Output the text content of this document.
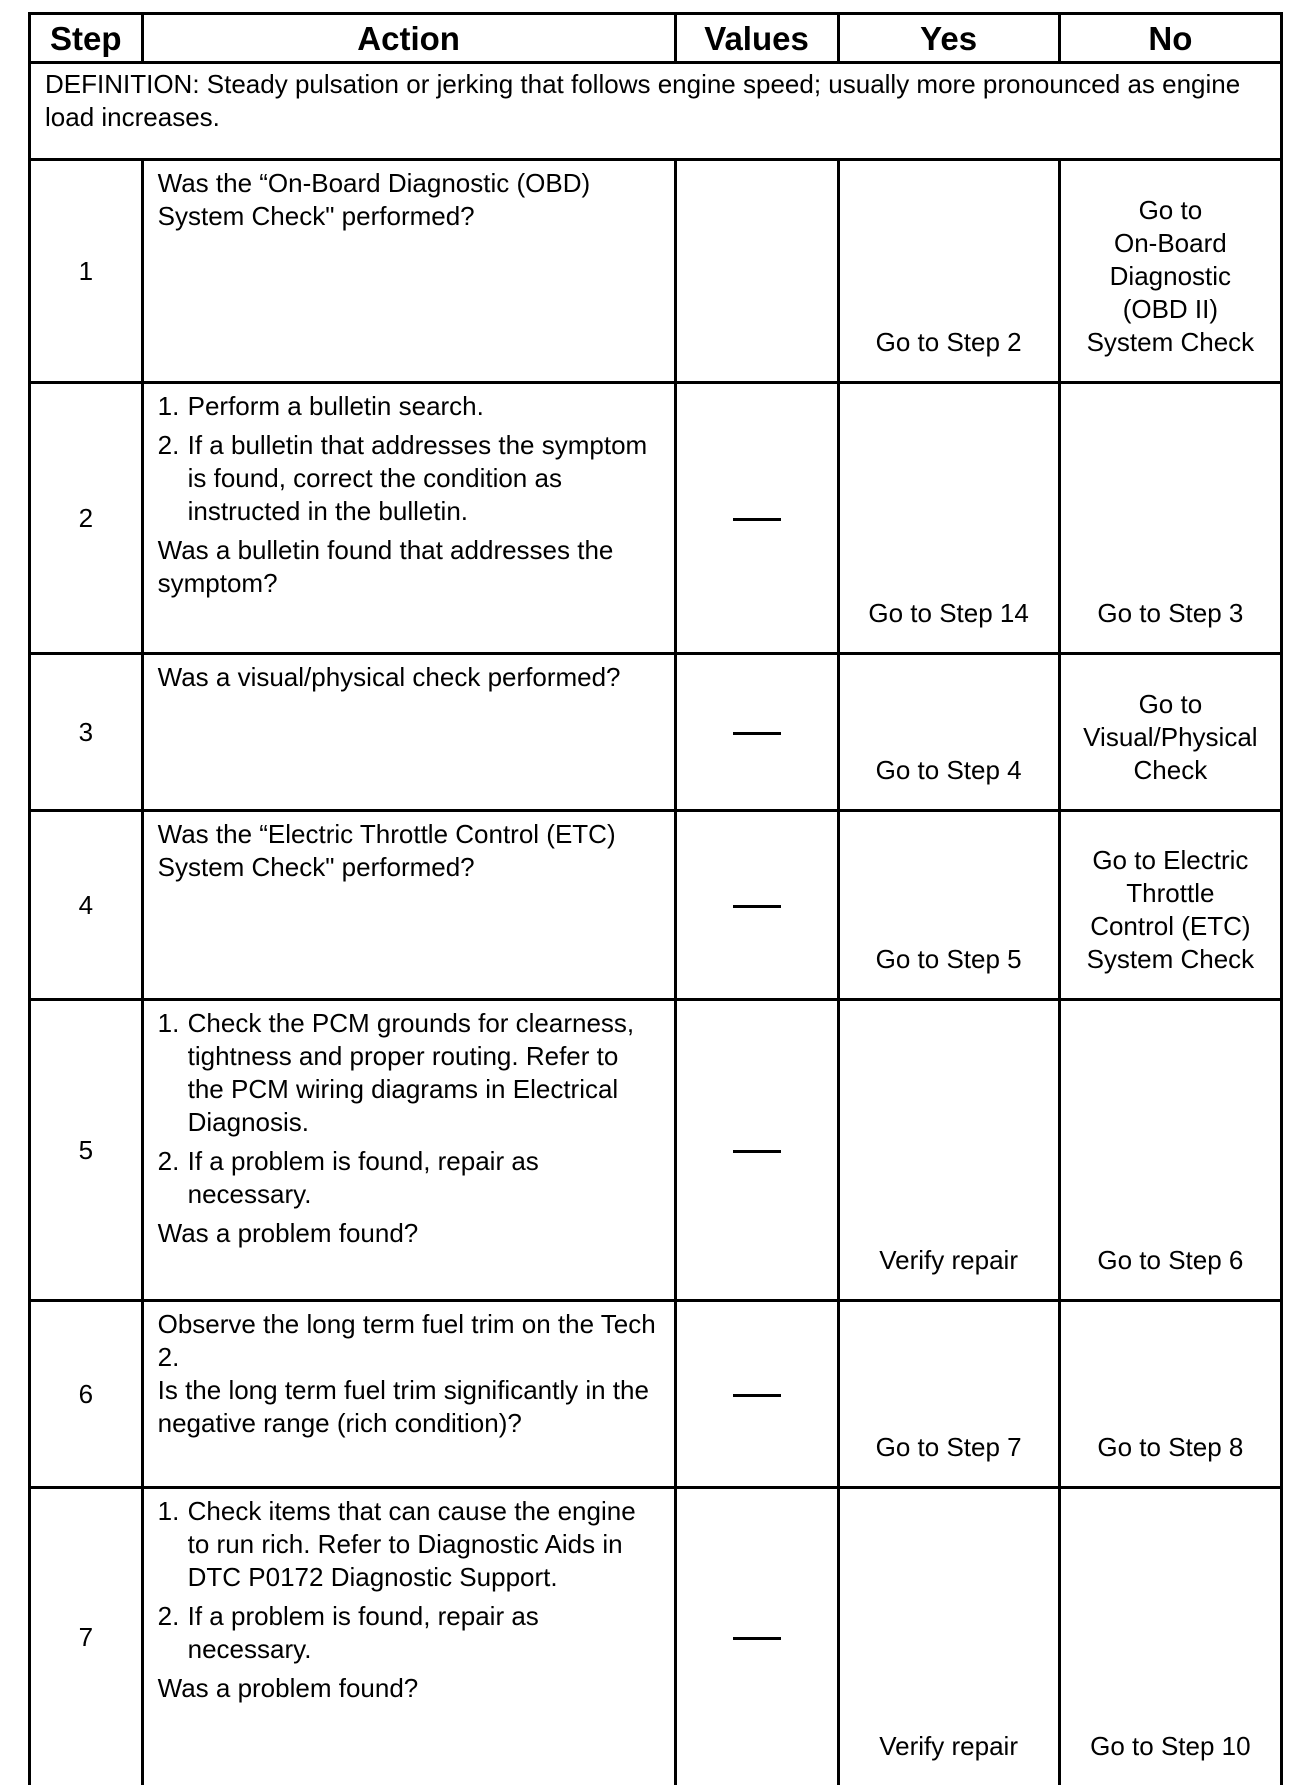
Step	Action	Values	Yes	No
DEFINITION: Steady pulsation or jerking that follows engine speed; usually more pronounced as engine load increases.				
1	Was the “On-Board Diagnostic (OBD) System Check" performed?		Go to Step 2	Go to
On-Board
Diagnostic
(OBD II)
System Check
2	1. Perform a bulletin search.
2. If a bulletin that addresses the symptom is found, correct the condition as instructed in the bulletin.

Was a bulletin found that addresses the symptom?		Go to Step 14	Go to Step 3
3	Was a visual/physical check performed?		Go to Step 4	Go to
Visual/Physical
Check
4	Was the “Electric Throttle Control (ETC) System Check" performed?		Go to Step 5	Go to Electric
Throttle
Control (ETC)
System Check
5	1. Check the PCM grounds for clearness, tightness and proper routing. Refer to the PCM wiring diagrams in Electrical Diagnosis.
2. If a problem is found, repair as necessary.

Was a problem found?		Verify repair	Go to Step 6
6	Observe the long term fuel trim on the Tech 2.

Is the long term fuel trim significantly in the negative range (rich condition)?		Go to Step 7	Go to Step 8
7	1. Check items that can cause the engine to run rich. Refer to Diagnostic Aids in DTC P0172 Diagnostic Support.
2. If a problem is found, repair as necessary.

Was a problem found?		Verify repair	Go to Step 10
